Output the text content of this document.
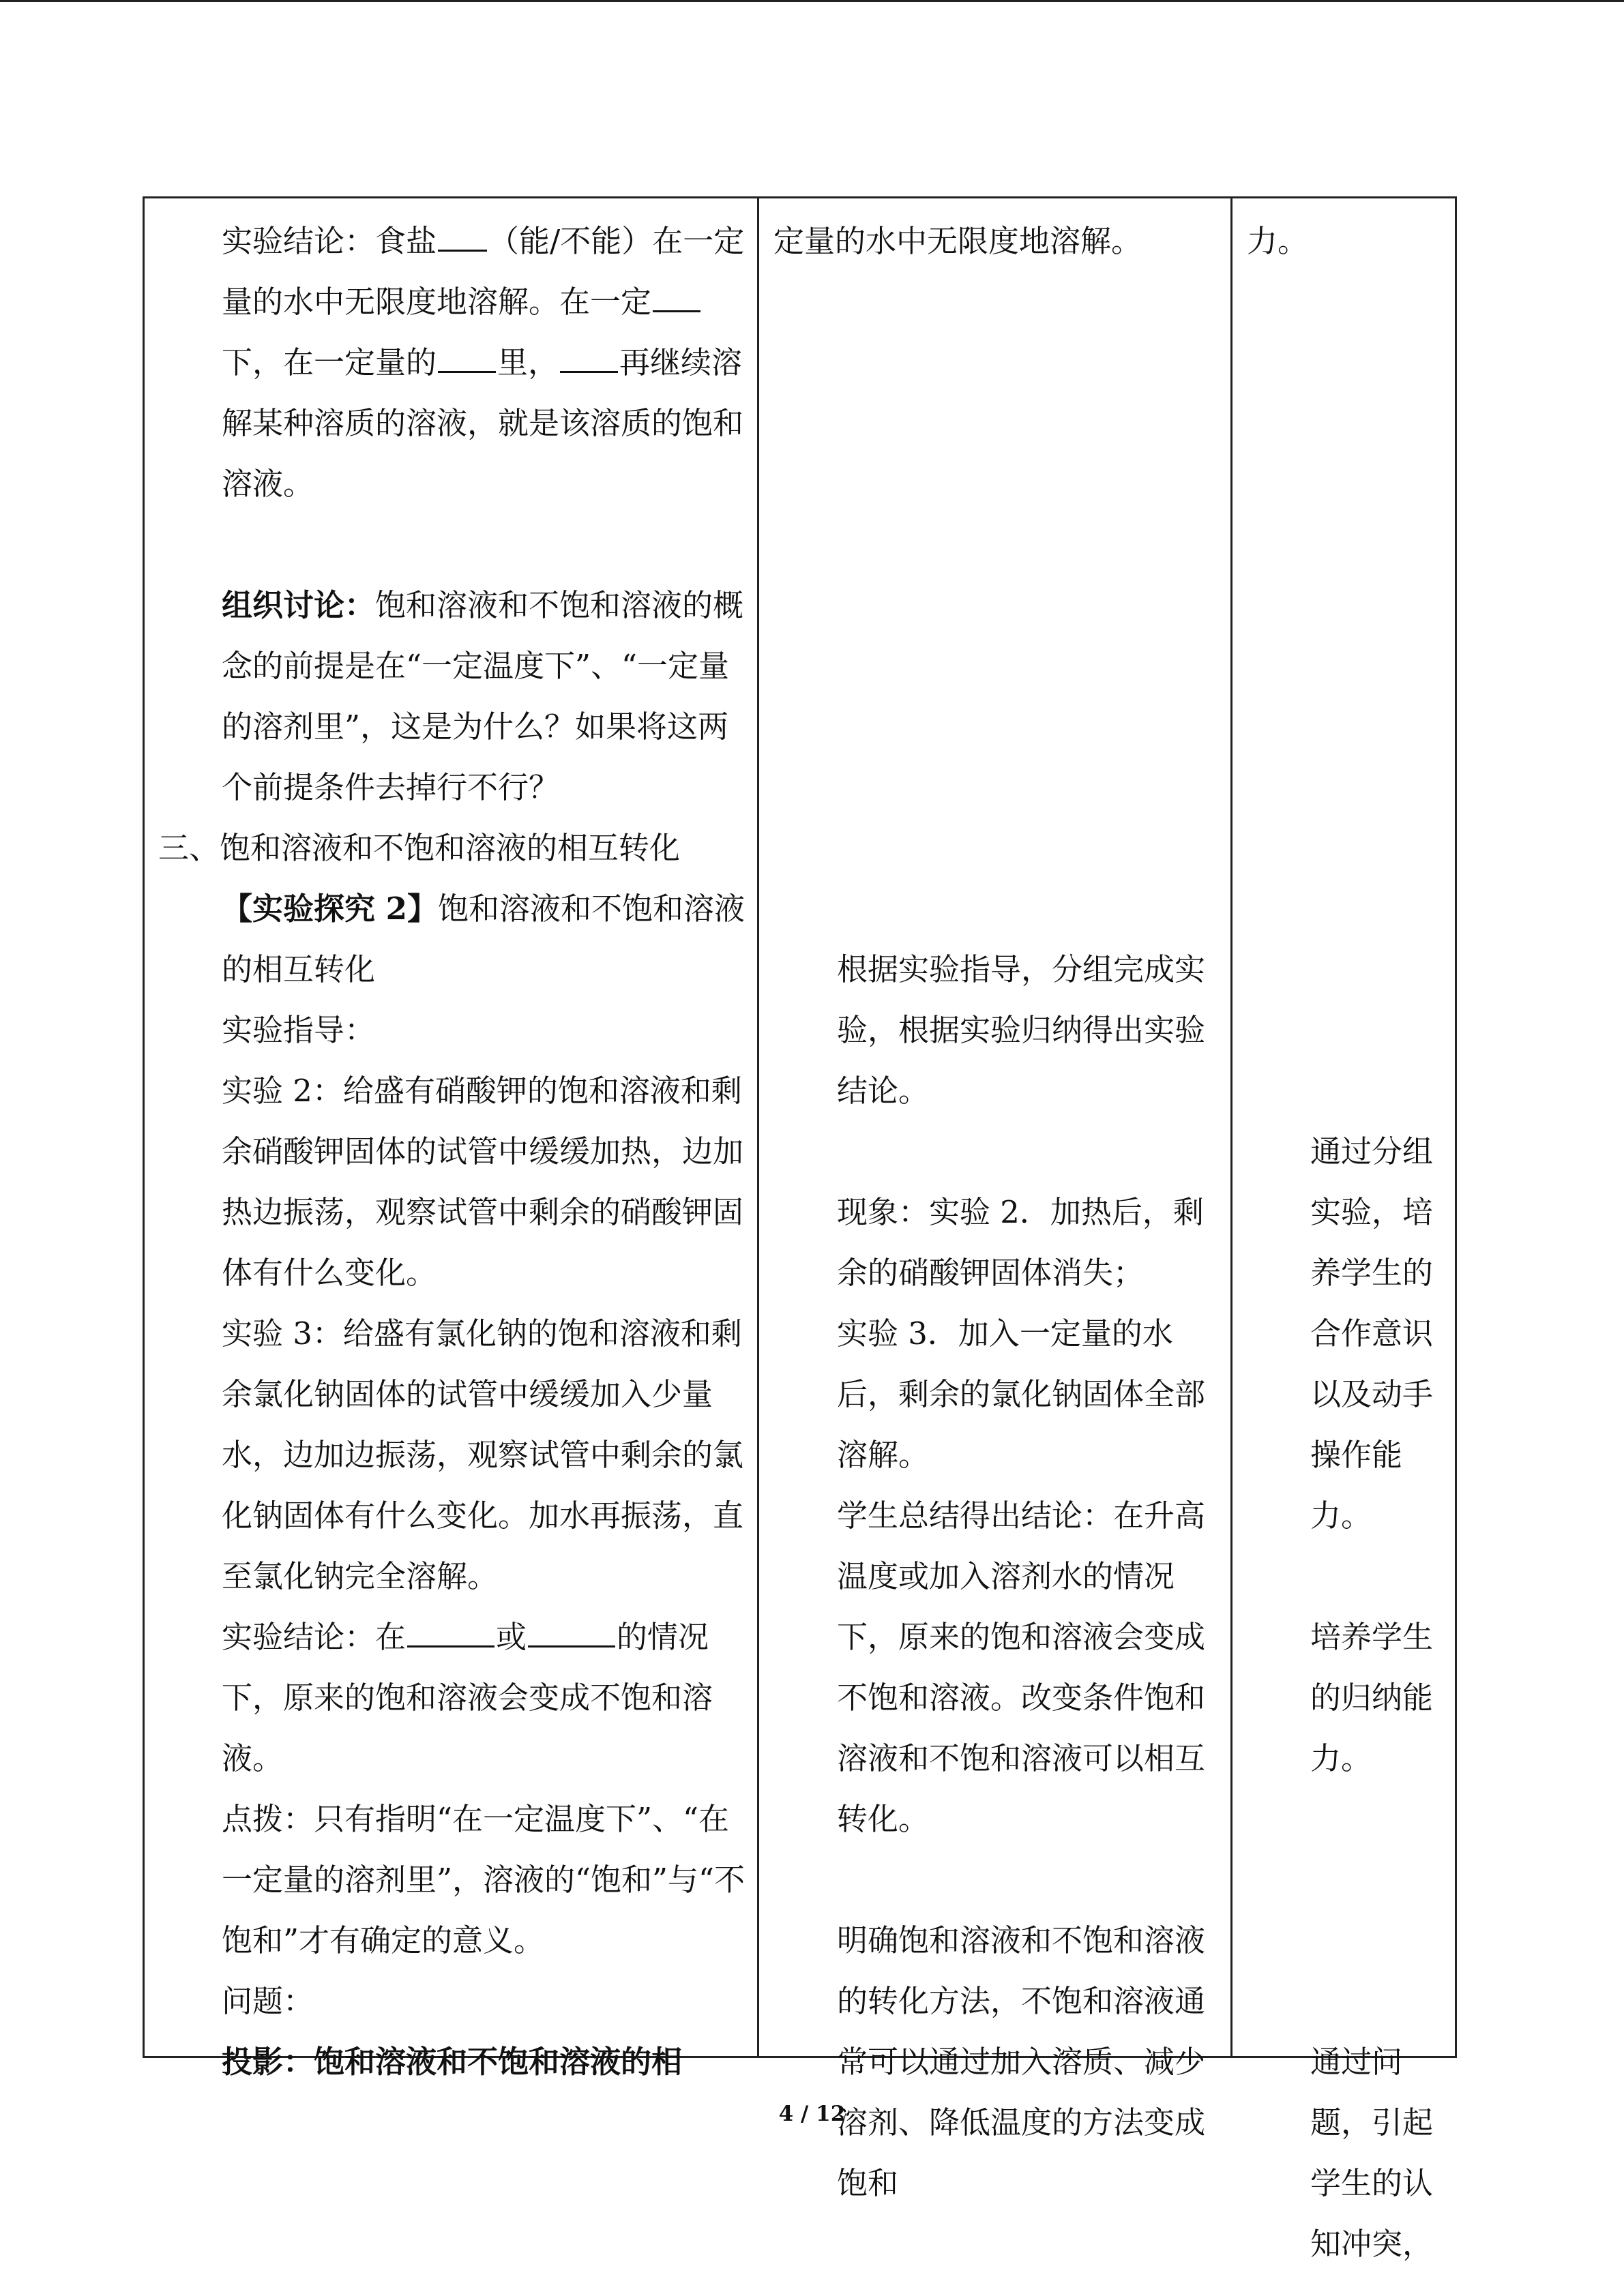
实验结论：食盐 （能/不能）在一定量的水中无限度地溶解。在一定下，在一定量的 里， 再继续溶解某种溶质的溶液，就是该溶质的饱和溶液。

组织讨论：饱和溶液和不饱和溶液的概念的前提是在“一定温度下”、“一定量的溶剂里”，这是为什么？如果将这两个前提条件去掉行不行？

三、饱和溶液和不饱和溶液的相互转化

【实验探究 2】饱和溶液和不饱和溶液的相互转化

实验指导：

实验 2：给盛有硝酸钾的饱和溶液和剩余硝酸钾固体的试管中缓缓加热，边加热边振荡，观察试管中剩余的硝酸钾固体有什么变化。

实验 3：给盛有氯化钠的饱和溶液和剩余氯化钠固体的试管中缓缓加入少量水，边加边振荡，观察试管中剩余的氯化钠固体有什么变化。加水再振荡，直至氯化钠完全溶解。

实验结论：在	或	的情况下，原来的饱和溶液会变成不饱和溶液。

点拨：只有指明“在一定温度下”、“在一定量的溶剂里”，溶液的“饱和”与“不饱和”才有确定的意义。

问题：

投影：饱和溶液和不饱和溶液的相

定量的水中无限度地溶解。

根据实验指导，分组完成实验，根据实验归纳得出实验结论。

现象：实验 2．加热后，剩余的硝酸钾固体消失；

实验 3．加入一定量的水后，剩余的氯化钠固体全部溶解。

学生总结得出结论：在升高温度或加入溶剂水的情况下，原来的饱和溶液会变成不饱和溶液。改变条件饱和溶液和不饱和溶液可以相互转化。

明确饱和溶液和不饱和溶液的转化方法，不饱和溶液通常可以通过加入溶质、减少溶剂、降低温度的方法变成饱和

力。

通过分组实验，培养学生的合作意识以及动手操作能力。

培养学生的归纳能力。

通过问题，引起学生的认知冲突，

4 / 12
